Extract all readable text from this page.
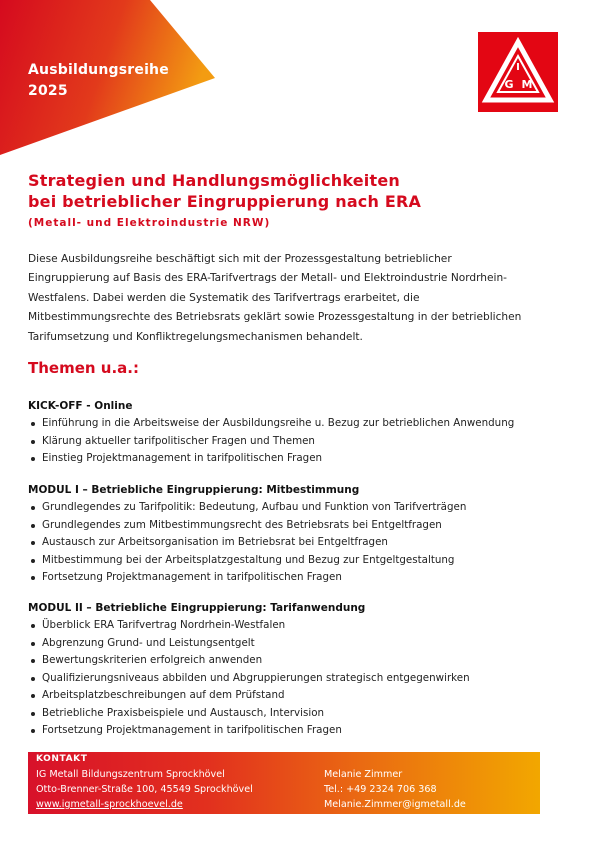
Ausbildungsreihe
2025
I
G M
Strategien und Handlungsmöglichkeiten
bei betrieblicher Eingruppierung nach ERA
(Metall- und Elektroindustrie NRW)
Diese Ausbildungsreihe beschäftigt sich mit der Prozessgestaltung betrieblicher
Eingruppierung auf Basis des ERA-Tarifvertrags der Metall- und Elektroindustrie Nordrhein-
Westfalens. Dabei werden die Systematik des Tarifvertrags erarbeitet, die
Mitbestimmungsrechte des Betriebsrats geklärt sowie Prozessgestaltung in der betrieblichen
Tarifumsetzung und Konfliktregelungsmechanismen behandelt.
Themen u.a.:
KICK-OFF - Online
Einführung in die Arbeitsweise der Ausbildungsreihe u. Bezug zur betrieblichen Anwendung
Klärung aktueller tarifpolitischer Fragen und Themen
Einstieg Projektmanagement in tarifpolitischen Fragen
MODUL I – Betriebliche Eingruppierung: Mitbestimmung
Grundlegendes zu Tarifpolitik: Bedeutung, Aufbau und Funktion von Tarifverträgen
Grundlegendes zum Mitbestimmungsrecht des Betriebsrats bei Entgeltfragen
Austausch zur Arbeitsorganisation im Betriebsrat bei Entgeltfragen
Mitbestimmung bei der Arbeitsplatzgestaltung und Bezug zur Entgeltgestaltung
Fortsetzung Projektmanagement in tarifpolitischen Fragen
MODUL II – Betriebliche Eingruppierung: Tarifanwendung
Überblick ERA Tarifvertrag Nordrhein-Westfalen
Abgrenzung Grund- und Leistungsentgelt
Bewertungskriterien erfolgreich anwenden
Qualifizierungsniveaus abbilden und Abgruppierungen strategisch entgegenwirken
Arbeitsplatzbeschreibungen auf dem Prüfstand
Betriebliche Praxisbeispiele und Austausch, Intervision
Fortsetzung Projektmanagement in tarifpolitischen Fragen
KONTAKT
IG Metall Bildungszentrum Sprockhövel
Otto-Brenner-Straße 100, 45549 Sprockhövel
www.igmetall-sprockhoevel.de
Melanie Zimmer
Tel.: +49 2324 706 368
Melanie.Zimmer@igmetall.de
